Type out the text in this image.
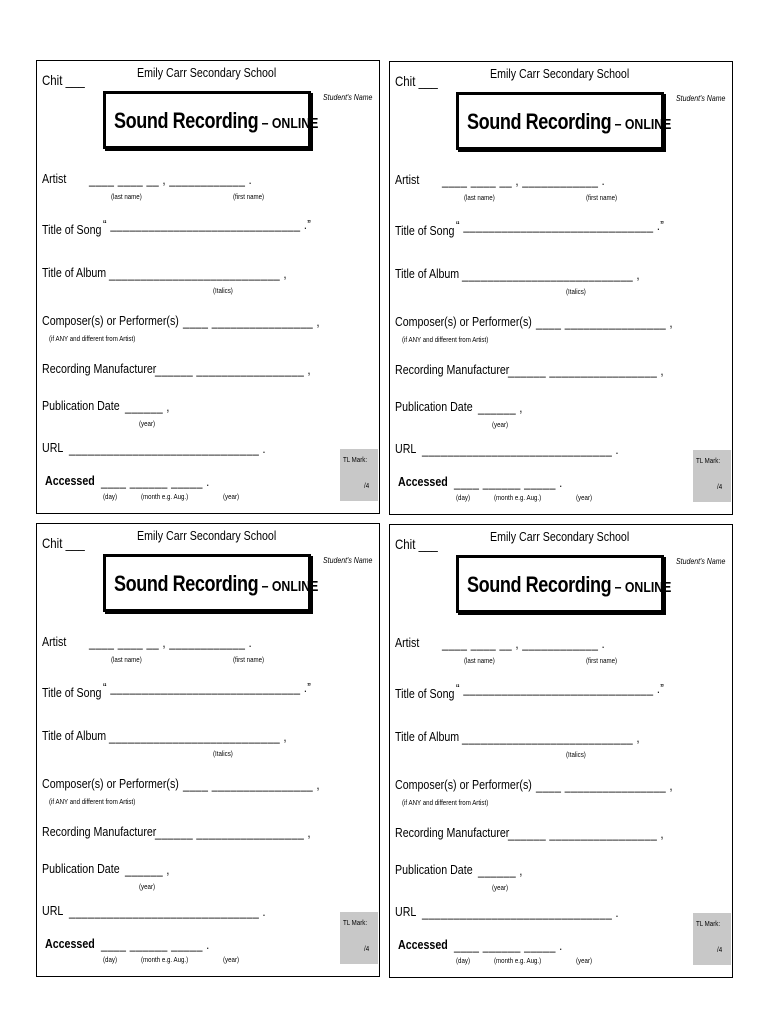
Chit ___	Emily Carr Secondary School
Student's Name
Sound Recording – ONLINE
Artist ____ ____ __ , ____________ .
(last name)	(first name)
Title of Song “ ______________________________ .”
Title of Album ___________________________ ,
(Italics)
Composer(s) or Performer(s) ____ ________________ ,
(if ANY and different from Artist)
Recording Manufacturer
______ _________________ ,
Publication Date ______ ,
(year)
URL ______________________________ .
Accessed ____ ______ _____ .
(day)	(month e.g. Aug.)	(year)
TL Mark:
/4
Chit ___	Emily Carr Secondary School
Student's Name
Sound Recording – ONLINE
Artist ____ ____ __ , ____________ .
(last name)	(first name)
Title of Song “ ______________________________ .”
Title of Album ___________________________ ,
(Italics)
Composer(s) or Performer(s) ____ ________________ ,
(if ANY and different from Artist)
Recording Manufacturer
______ _________________ ,
Publication Date ______ ,
(year)
URL ______________________________ .
Accessed ____ ______ _____ .
(day)	(month e.g. Aug.)	(year)
TL Mark:
/4
Chit ___	Emily Carr Secondary School
Student's Name
Sound Recording – ONLINE
Artist ____ ____ __ , ____________ .
(last name)	(first name)
Title of Song “ ______________________________ .”
Title of Album ___________________________ ,
(Italics)
Composer(s) or Performer(s) ____ ________________ ,
(if ANY and different from Artist)
Recording Manufacturer
______ _________________ ,
Publication Date ______ ,
(year)
URL ______________________________ .
Accessed ____ ______ _____ .
(day)	(month e.g. Aug.)	(year)
TL Mark:
/4
Chit ___	Emily Carr Secondary School
Student's Name
Sound Recording – ONLINE
Artist ____ ____ __ , ____________ .
(last name)	(first name)
Title of Song “ ______________________________ .”
Title of Album ___________________________ ,
(Italics)
Composer(s) or Performer(s) ____ ________________ ,
(if ANY and different from Artist)
Recording Manufacturer
______ _________________ ,
Publication Date ______ ,
(year)
URL ______________________________ .
Accessed ____ ______ _____ .
(day)	(month e.g. Aug.)	(year)
TL Mark:
/4
